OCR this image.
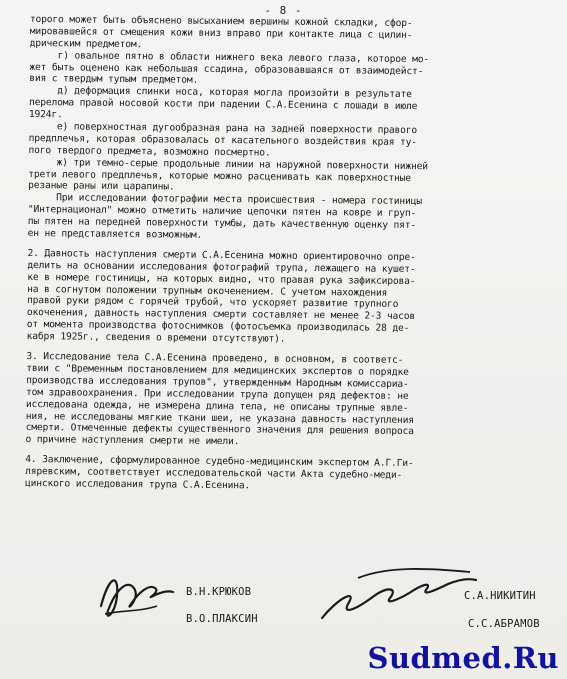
- 8 -
торого может быть объяснено высыханием вершины кожной складки, сфор-
мировавшейся от смещения кожи вниз вправо при контакте лица с цилин-
дрическим предметом.
г) овальное пятно в области нижнего века левого глаза, которое мо-
жет быть оценено как небольшая ссадина, образовавшаяся от взаимодейст-
вия с твердым тупым предметом.
д) деформация спинки носа, которая могла произойти в результате
перелома правой носовой кости при падении С.А.Есенина с лошади в июле
1924г.
е) поверхностная дугообразная рана на задней поверхности правого
предплечья, которая образовалась от касательного воздействия края ту-
пого твердого предмета, возможно посмертно.
ж) три темно-серые продольные линии на наружной поверхности нижней
трети левого предплечья, которые можно расценивать как поверхностные
резаные раны или царапины.
При исследовании фотографии места происшествия - номера гостиницы
"Интернационал" можно отметить наличие цепочки пятен на ковре и груп-
пы пятен на передней поверхности тумбы, дать качественную оценку пят-
ен не представляется возможным.
2. Давность наступления смерти С.А.Есенина можно ориентировочно опре-
делить на основании исследования фотографий трупа, лежащего на кушет-
ке в номере гостиницы, на которых видно, что правая рука зафиксирова-
на в согнутом положении трупным окоченением. С учетом нахождения
правой руки рядом с горячей трубой, что ускоряет развитие трупного
окоченения, давность наступления смерти составляет не менее 2-3 часов
от момента производства фотоснимков (фотосъемка производилась 28 де-
кабря 1925г., сведения о времени отсутствуют).
3. Исследование тела С.А.Есенина проведено, в основном, в соответс-
твии с "Временным постановлением для медицинских экспертов о порядке
производства исследования трупов", утвержденным Народным комиссариа-
том здравоохранения. При исследовании трупа допущен ряд дефектов: не
исследована одежда, не измерена длина тела, не описаны трупные явле-
ния, не исследованы мягкие ткани шеи, не указана давность наступления
смерти. Отмеченные дефекты существенного значения для решения вопроса
о причине наступления смерти не имели.
4. Заключение, сформулированное судебно-медицинским экспертом А.Г.Ги-
ляревским, соответствует исследовательской части Акта судебно-меди-
цинского исследования трупа С.А.Есенина.
В.Н.КРЮКОВ
В.О.ПЛАКСИН
С.А.НИКИТИН
С.С.АБРАМОВ
Sudmed.Ru
